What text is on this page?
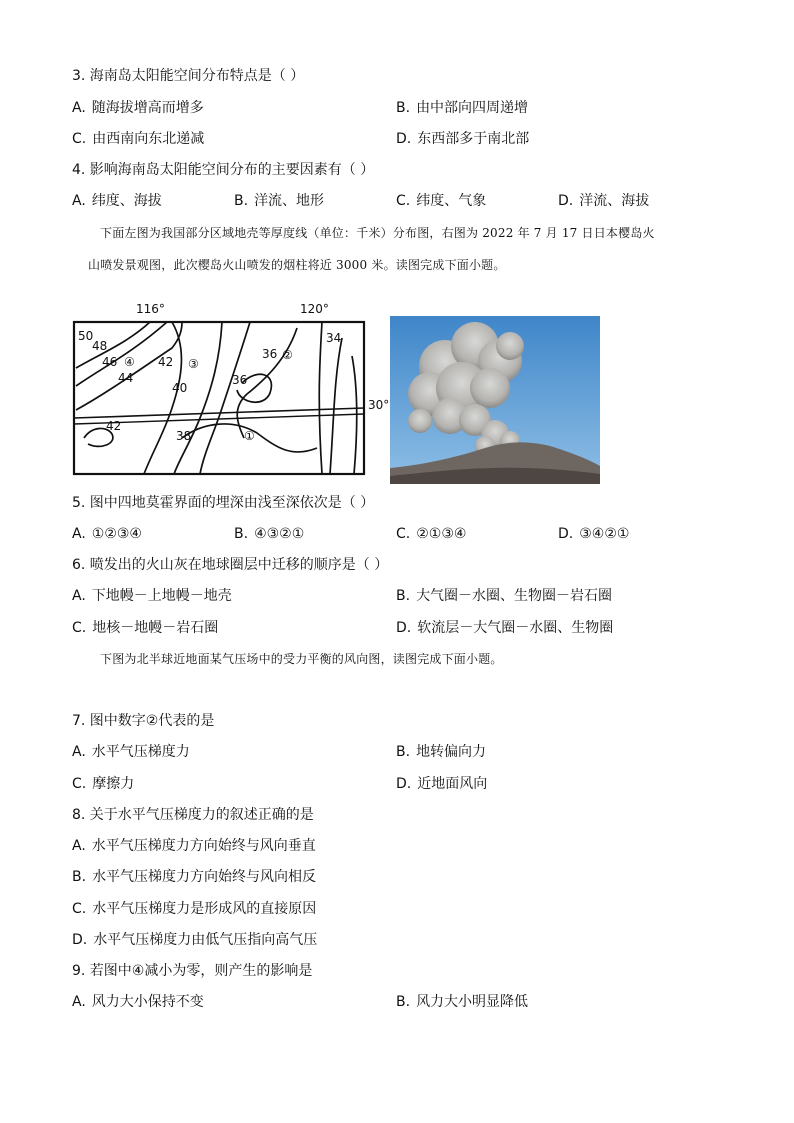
3. 海南岛太阳能空间分布特点是（ ）
A. 随海拔增高而增多	B. 由中部向四周递增
C. 由西南向东北递减	D. 东西部多于南北部
4. 影响海南岛太阳能空间分布的主要因素有（ ）
A. 纬度、海拔	B. 洋流、地形	C. 纬度、气象	D. 洋流、海拔
下面左图为我国部分区域地壳等厚度线（单位：千米）分布图，右图为 2022 年 7 月 17 日日本樱岛火
山喷发景观图，此次樱岛火山喷发的烟柱将近 3000 米。读图完成下面小题。
116°	120°
30°
50
48
46
44
42
40
36
36
34
42
38
④	③
②
①
5. 图中四地莫霍界面的埋深由浅至深依次是（ ）
A. ①②③④	B. ④③②①	C. ②①③④	D. ③④②①
6. 喷发出的火山灰在地球圈层中迁移的顺序是（ ）
A. 下地幔－上地幔－地壳	B. 大气圈－水圈、生物圈－岩石圈
C. 地核－地幔－岩石圈	D. 软流层－大气圈－水圈、生物圈
下图为北半球近地面某气压场中的受力平衡的风向图，读图完成下面小题。
7. 图中数字②代表的是
A. 水平气压梯度力	B. 地转偏向力
C. 摩擦力	D. 近地面风向
8. 关于水平气压梯度力的叙述正确的是
A. 水平气压梯度力方向始终与风向垂直
B. 水平气压梯度力方向始终与风向相反
C. 水平气压梯度力是形成风的直接原因
D. 水平气压梯度力由低气压指向高气压
9. 若图中④减小为零，则产生的影响是
A. 风力大小保持不变	B. 风力大小明显降低
